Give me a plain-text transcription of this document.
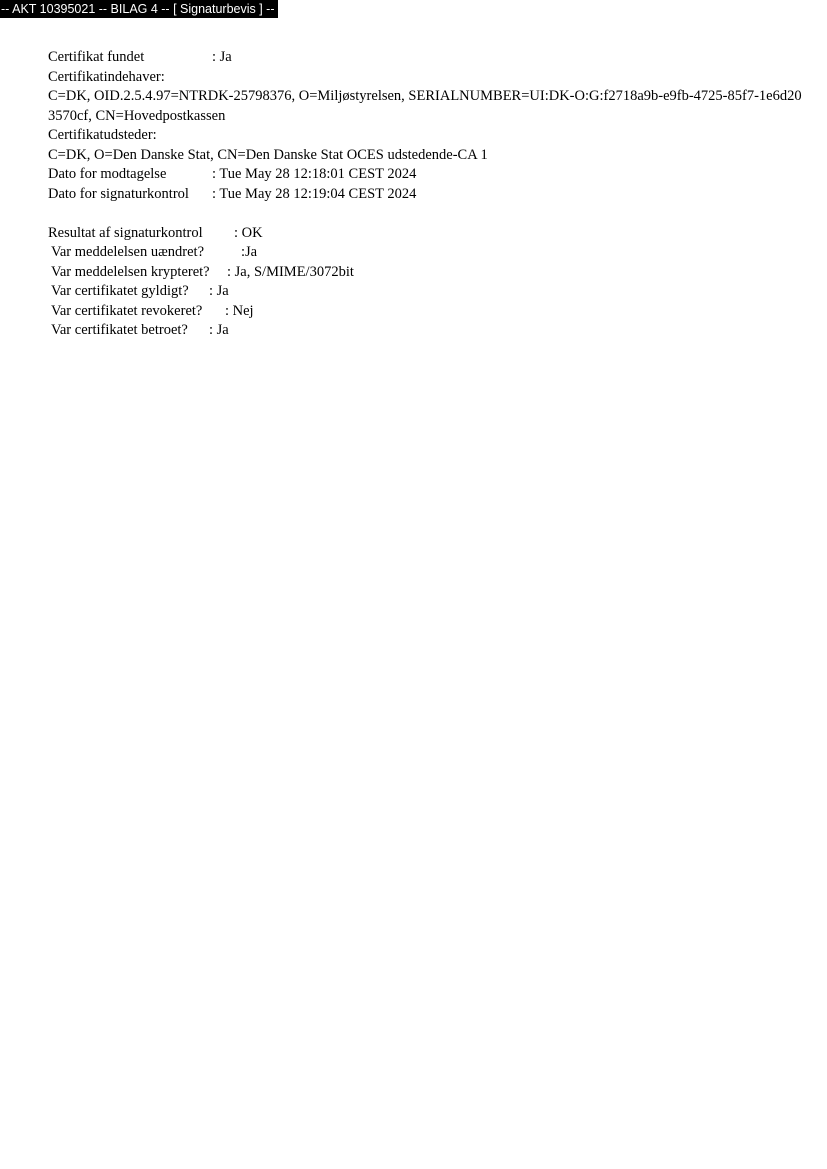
-- AKT 10395021 -- BILAG 4 -- [ Signaturbevis ] --
Certifikat fundet	: Ja
Certifikatindehaver:
C=DK, OID.2.5.4.97=NTRDK-25798376, O=Miljøstyrelsen, SERIALNUMBER=UI:DK-O:G:f2718a9b-e9fb-4725-85f7-1e6d203570cf, CN=Hovedpostkassen
Certifikatudsteder:
C=DK, O=Den Danske Stat, CN=Den Danske Stat OCES udstedende-CA 1
Dato for modtagelse	: Tue May 28 12:18:01 CEST 2024
Dato for signaturkontrol : Tue May 28 12:19:04 CEST 2024
Resultat af signaturkontrol : OK
Var meddelelsen uændret?	:Ja
Var meddelelsen krypteret? : Ja, S/MIME/3072bit
Var certifikatet gyldigt? : Ja
Var certifikatet revokeret? : Nej
Var certifikatet betroet? : Ja
